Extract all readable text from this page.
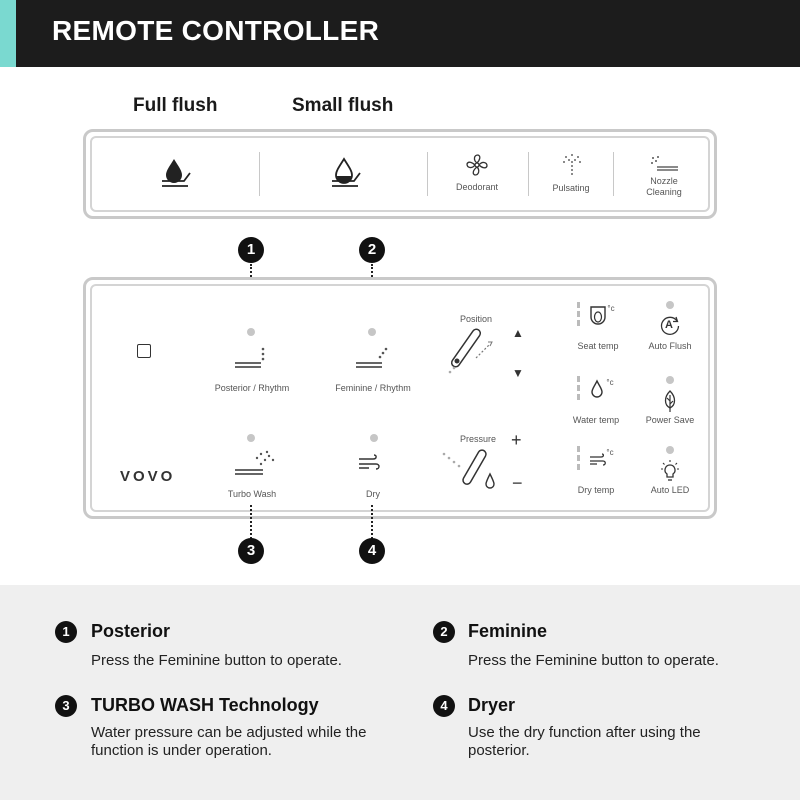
REMOTE CONTROLLER
Full flush	Small flush
Deodorant	Pulsating
Nozzle
Cleaning
1	2
VOVO
Posterior / Rhythm	Feminine / Rhythm
Turbo Wash	Dry
3	4
Position
▲
▼
Pressure +
−
°c
Seat temp
°c
Water temp
°c
Dry temp
A
Auto Flush
Power Save
Auto LED
1	Posterior
Press the Feminine button to operate.
2	Feminine
Press the Feminine button to operate.
3	TURBO WASH Technology
Water pressure can be adjusted while the function is under operation.
4	Dryer
Use the dry function after using the posterior.
